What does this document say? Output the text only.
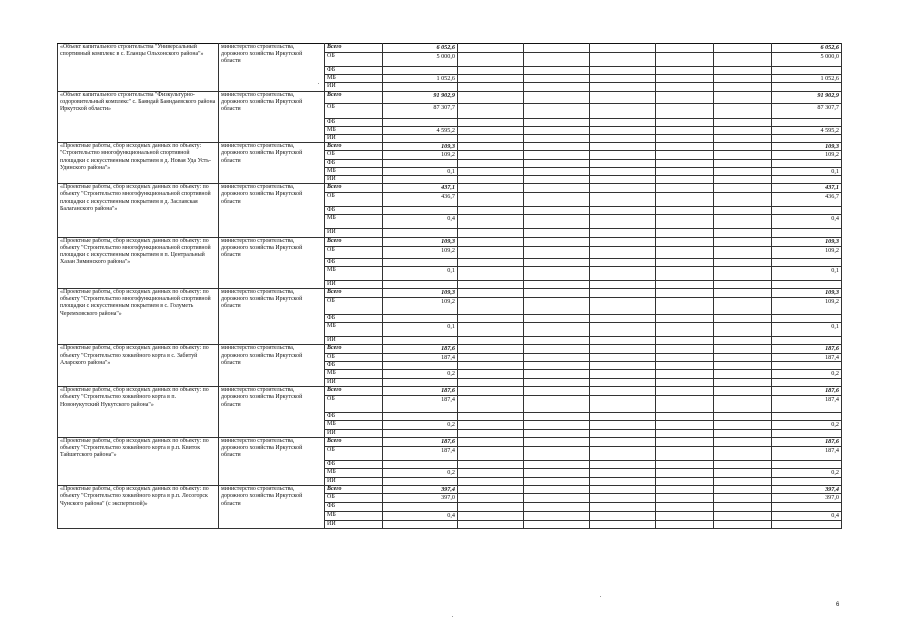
«Объект капитального строительства "Универсальный спортивный комплекс в с. Еланцы Ольхонского района"»	министерство строительства, дорожного хозяйства Иркутской области	Всего	6 052,6						6 052,6
		ОБ	5 000,0						5 000,0
		ФБ							
		МБ	1 052,6						1 052,6
		ИИ							
«Объект капитального строительства "Физкультурно-оздоровительный комплекс" с. Баяндай Баяндаевского района Иркутской области»	министерство строительства, дорожного хозяйства Иркутской области	Всего	91 902,9						91 902,9
		ОБ	87 307,7						87 307,7
		ФБ							
		МБ	4 595,2						4 595,2
		ИИ							
«Проектные работы, сбор исходных данных по объекту: "Строительство многофункциональной спортивной площадки с искусственным покрытием в д. Новая Уда Усть-Удинского района"»	министерство строительства, дорожного хозяйства Иркутской области	Всего	109,3						109,3
		ОБ	109,2						109,2
		ФБ							
		МБ	0,1						0,1
		ИИ							
«Проектные работы, сбор исходных данных по объекту: по объекту "Строительство многофункциональной спортивной площадки с искусственным покрытием в д. Заславская Балаганского района"»	министерство строительства, дорожного хозяйства Иркутской области	Всего	437,1						437,1
		ОБ	436,7						436,7
		ФБ							
		МБ	0,4						0,4
		ИИ							
«Проектные работы, сбор исходных данных по объекту: по объекту "Строительство многофункциональной спортивной площадки с искусственным покрытием в п. Центральный Хазан Зиминского района"»	министерство строительства, дорожного хозяйства Иркутской области	Всего	109,3						109,3
		ОБ	109,2						109,2
		ФБ							
		МБ	0,1						0,1
		ИИ							
«Проектные работы, сбор исходных данных по объекту: по объекту "Строительство многофункциональной спортивной площадки с искусственным покрытием в с. Голуметь Черемховского района"»	министерство строительства, дорожного хозяйства Иркутской области	Всего	109,3						109,3
		ОБ	109,2						109,2
		ФБ							
		МБ	0,1						0,1
		ИИ							
«Проектные работы, сбор исходных данных по объекту: по объекту "Строительство хоккейного корта в с. Забитуй Аларского района"»	министерство строительства, дорожного хозяйства Иркутской области	Всего	187,6						187,6
		ОБ	187,4						187,4
		ФБ							
		МБ	0,2						0,2
		ИИ							
«Проектные работы, сбор исходных данных по объекту: по объекту "Строительство хоккейного корта в п. Новонукутский Нукутского района"»	министерство строительства, дорожного хозяйства Иркутской области	Всего	187,6						187,6
		ОБ	187,4						187,4
		ФБ							
		МБ	0,2						0,2
		ИИ							
«Проектные работы, сбор исходных данных по объекту: по объекту "Строительство хоккейного корта в р.п. Квиток Тайшетского района"»	министерство строительства, дорожного хозяйства Иркутской области	Всего	187,6						187,6
		ОБ	187,4						187,4
		ФБ							
		МБ	0,2						0,2
		ИИ							
«Проектные работы, сбор исходных данных по объекту: по объекту "Строительство хоккейного корта в р.п. Лесогорск Чунского района" (с экспертизой)»	министерство строительства, дорожного хозяйства Иркутской области	Всего	397,4						397,4
		ОБ	397,0						397,0
		ФБ							
		МБ	0,4						0,4
		ИИ							
6
